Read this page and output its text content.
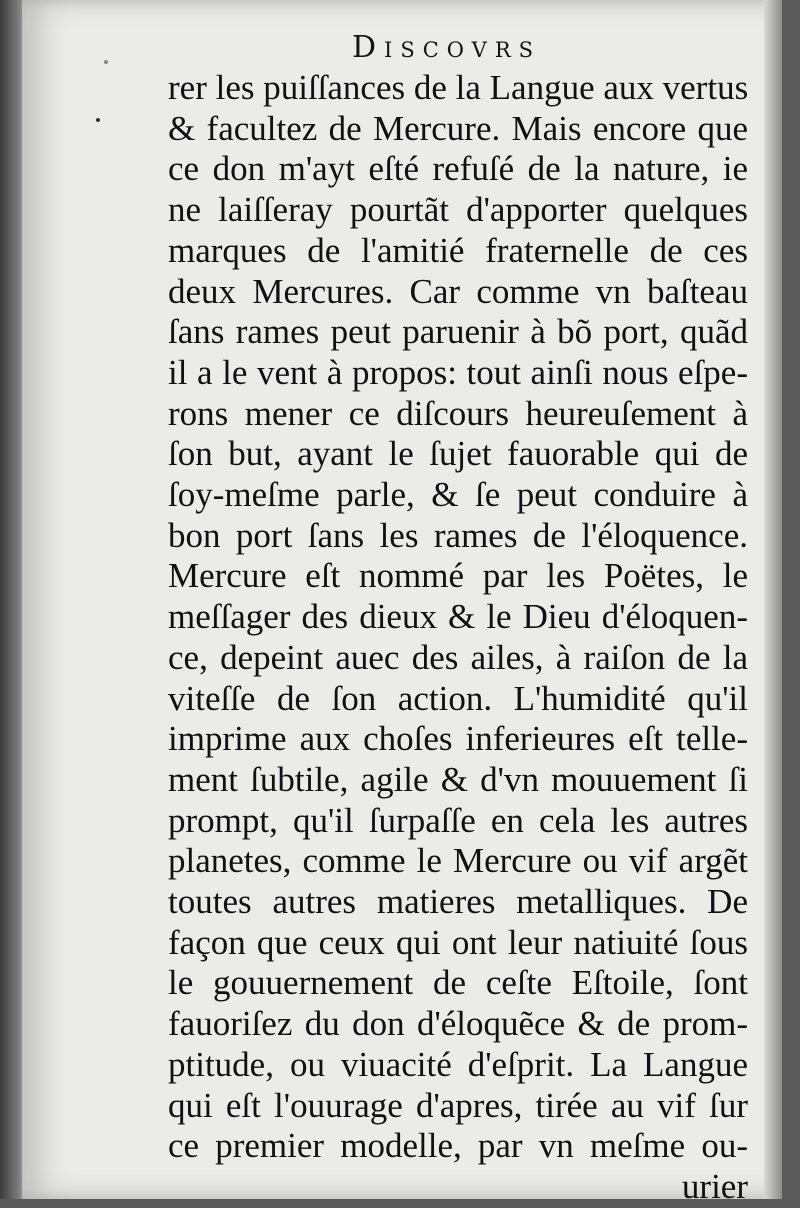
Discovrs
rer les puiſſances de la Langue aux vertus
& facultez de Mercure. Mais encore que
ce don m'ayt eſté refuſé de la nature, ie
ne laiſſeray pourtãt d'apporter quelques
marques de l'amitié fraternelle de ces
deux Mercures. Car comme vn baſteau
ſans rames peut paruenir à bõ port, quãd
il a le vent à propos: tout ainſi nous eſpe-
rons mener ce diſcours heureuſement à
ſon but, ayant le ſujet fauorable qui de
ſoy-meſme parle, & ſe peut conduire à
bon port ſans les rames de l'éloquence.
Mercure eſt nommé par les Poëtes, le
meſſager des dieux & le Dieu d'éloquen-
ce, depeint auec des ailes, à raiſon de la
viteſſe de ſon action. L'humidité qu'il
imprime aux choſes inferieures eſt telle-
ment ſubtile, agile & d'vn mouuement ſi
prompt, qu'il ſurpaſſe en cela les autres
planetes, comme le Mercure ou vif argẽt
toutes autres matieres metalliques. De
façon que ceux qui ont leur natiuité ſous
le gouuernement de ceſte Eſtoile, ſont
fauoriſez du don d'éloquẽce & de prom-
ptitude, ou viuacité d'eſprit. La Langue
qui eſt l'ouurage d'apres, tirée au vif ſur
ce premier modelle, par vn meſme ou-
urier
